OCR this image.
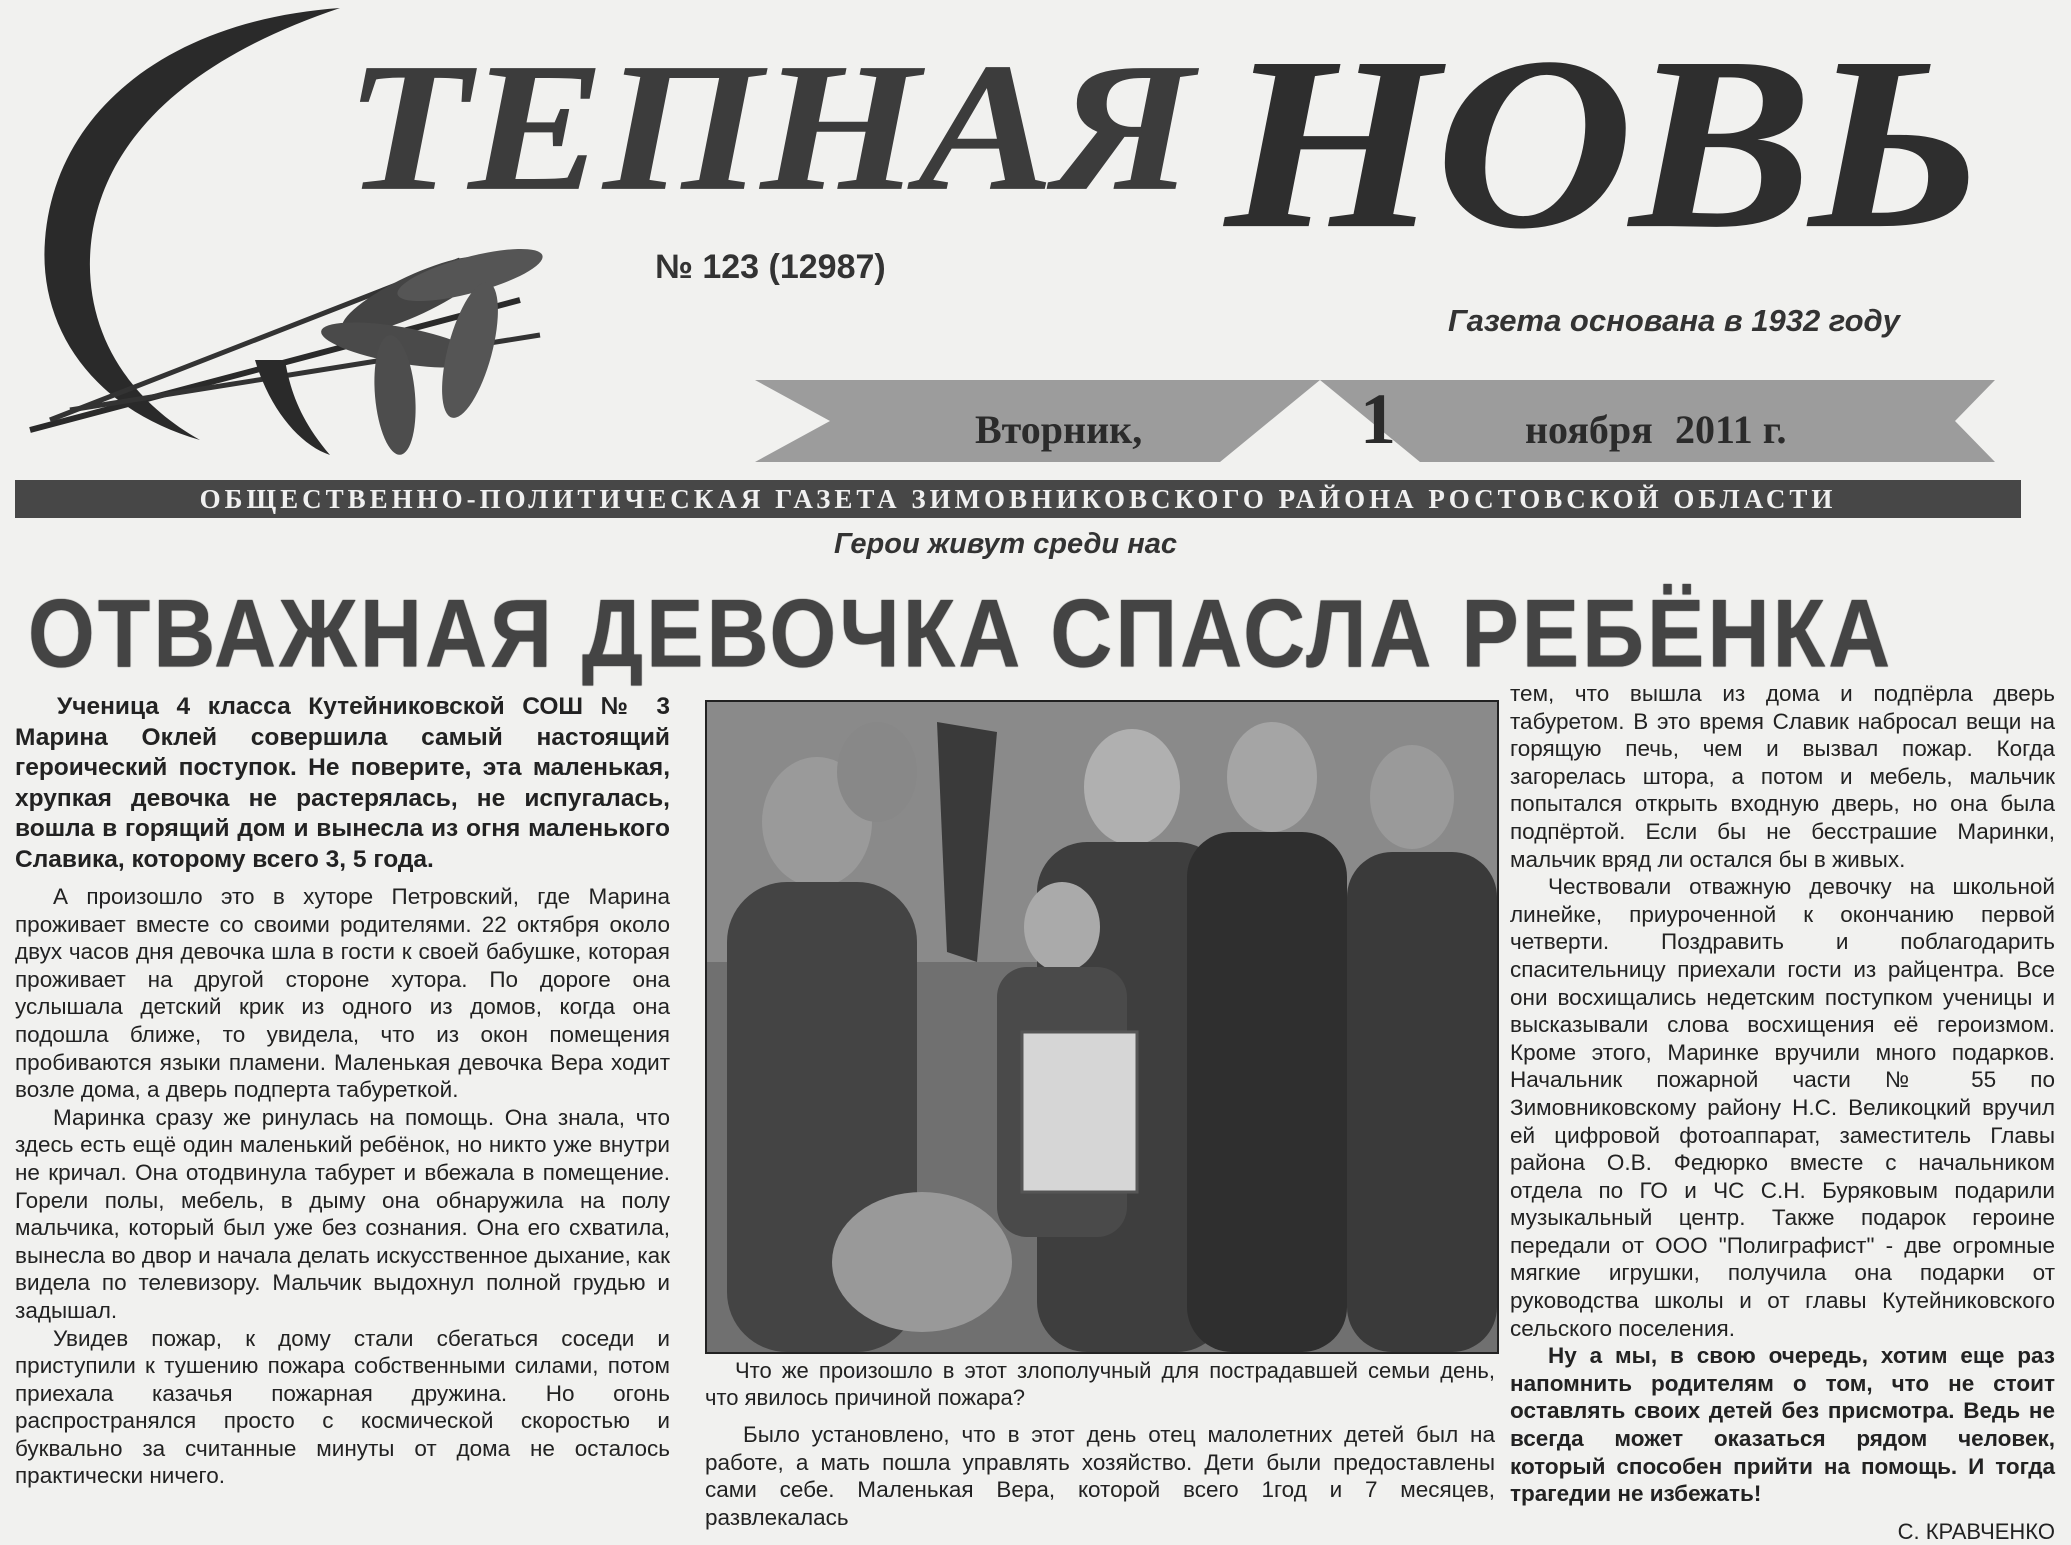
ТЕПНАЯ НОВЬ
№ 123 (12987)
Газета основана в 1932 году
Вторник,	1	ноября 2011 г.
ОБЩЕСТВЕННО-ПОЛИТИЧЕСКАЯ ГАЗЕТА ЗИМОВНИКОВСКОГО РАЙОНА РОСТОВСКОЙ ОБЛАСТИ
Герои живут среди нас
ОТВАЖНАЯ ДЕВОЧКА СПАСЛА РЕБЁНКА

Ученица 4 класса Кутейниковской СОШ № 3 Марина Оклей совершила самый настоящий героический поступок. Не поверите, эта маленькая, хрупкая девочка не растерялась, не испугалась, вошла в горящий дом и вынесла из огня маленького Славика, которому всего 3, 5 года.

А произошло это в хуторе Петровский, где Марина проживает вместе со своими родителями. 22 октября около двух часов дня девочка шла в гости к своей бабушке, которая проживает на другой стороне хутора. По дороге она услышала детский крик из одного из домов, когда она подошла ближе, то увидела, что из окон помещения пробиваются языки пламени. Маленькая девочка Вера ходит возле дома, а дверь подперта табуреткой.

Маринка сразу же ринулась на помощь. Она знала, что здесь есть ещё один маленький ребёнок, но никто уже внутри не кричал. Она отодвинула табурет и вбежала в помещение. Горели полы, мебель, в дыму она обнаружила на полу мальчика, который был уже без сознания. Она его схватила, вынесла во двор и начала делать искусственное дыхание, как видела по телевизору. Мальчик выдохнул полной грудью и задышал.

Увидев пожар, к дому стали сбегаться соседи и приступили к тушению пожара собственными силами, потом приехала казачья пожарная дружина. Но огонь распространялся просто с космической скоростью и буквально за считанные минуты от дома не осталось практически ничего.

Что же произошло в этот злополучный для пострадавшей семьи день, что явилось причиной пожара?

Было установлено, что в этот день отец малолетних детей был на работе, а мать пошла управлять хозяйство. Дети были предоставлены сами себе. Маленькая Вера, которой всего 1год и 7 месяцев, развлекалась

тем, что вышла из дома и подпёрла дверь табуретом. В это время Славик набросал вещи на горящую печь, чем и вызвал пожар. Когда загорелась штора, а потом и мебель, мальчик попытался открыть входную дверь, но она была подпёртой. Если бы не бесстрашие Маринки, мальчик вряд ли остался бы в живых.

Чествовали отважную девочку на школьной линейке, приуроченной к окончанию первой четверти. Поздравить и поблагодарить спасительницу приехали гости из райцентра. Все они восхищались недетским поступком ученицы и высказывали слова восхищения её героизмом. Кроме этого, Маринке вручили много подарков. Начальник пожарной части № 55 по Зимовниковскому району Н.С. Великоцкий вручил ей цифровой фотоаппарат, заместитель Главы района О.В. Федюрко вместе с начальником отдела по ГО и ЧС С.Н. Буряковым подарили музыкальный центр. Также подарок героине передали от ООО "Полиграфист" - две огромные мягкие игрушки, получила она подарки от руководства школы и от главы Кутейниковского сельского поселения.

Ну а мы, в свою очередь, хотим еще раз напомнить родителям о том, что не стоит оставлять своих детей без присмотра. Ведь не всегда может оказаться рядом человек, который способен прийти на помощь. И тогда трагедии не избежать!

С. КРАВЧЕНКО
